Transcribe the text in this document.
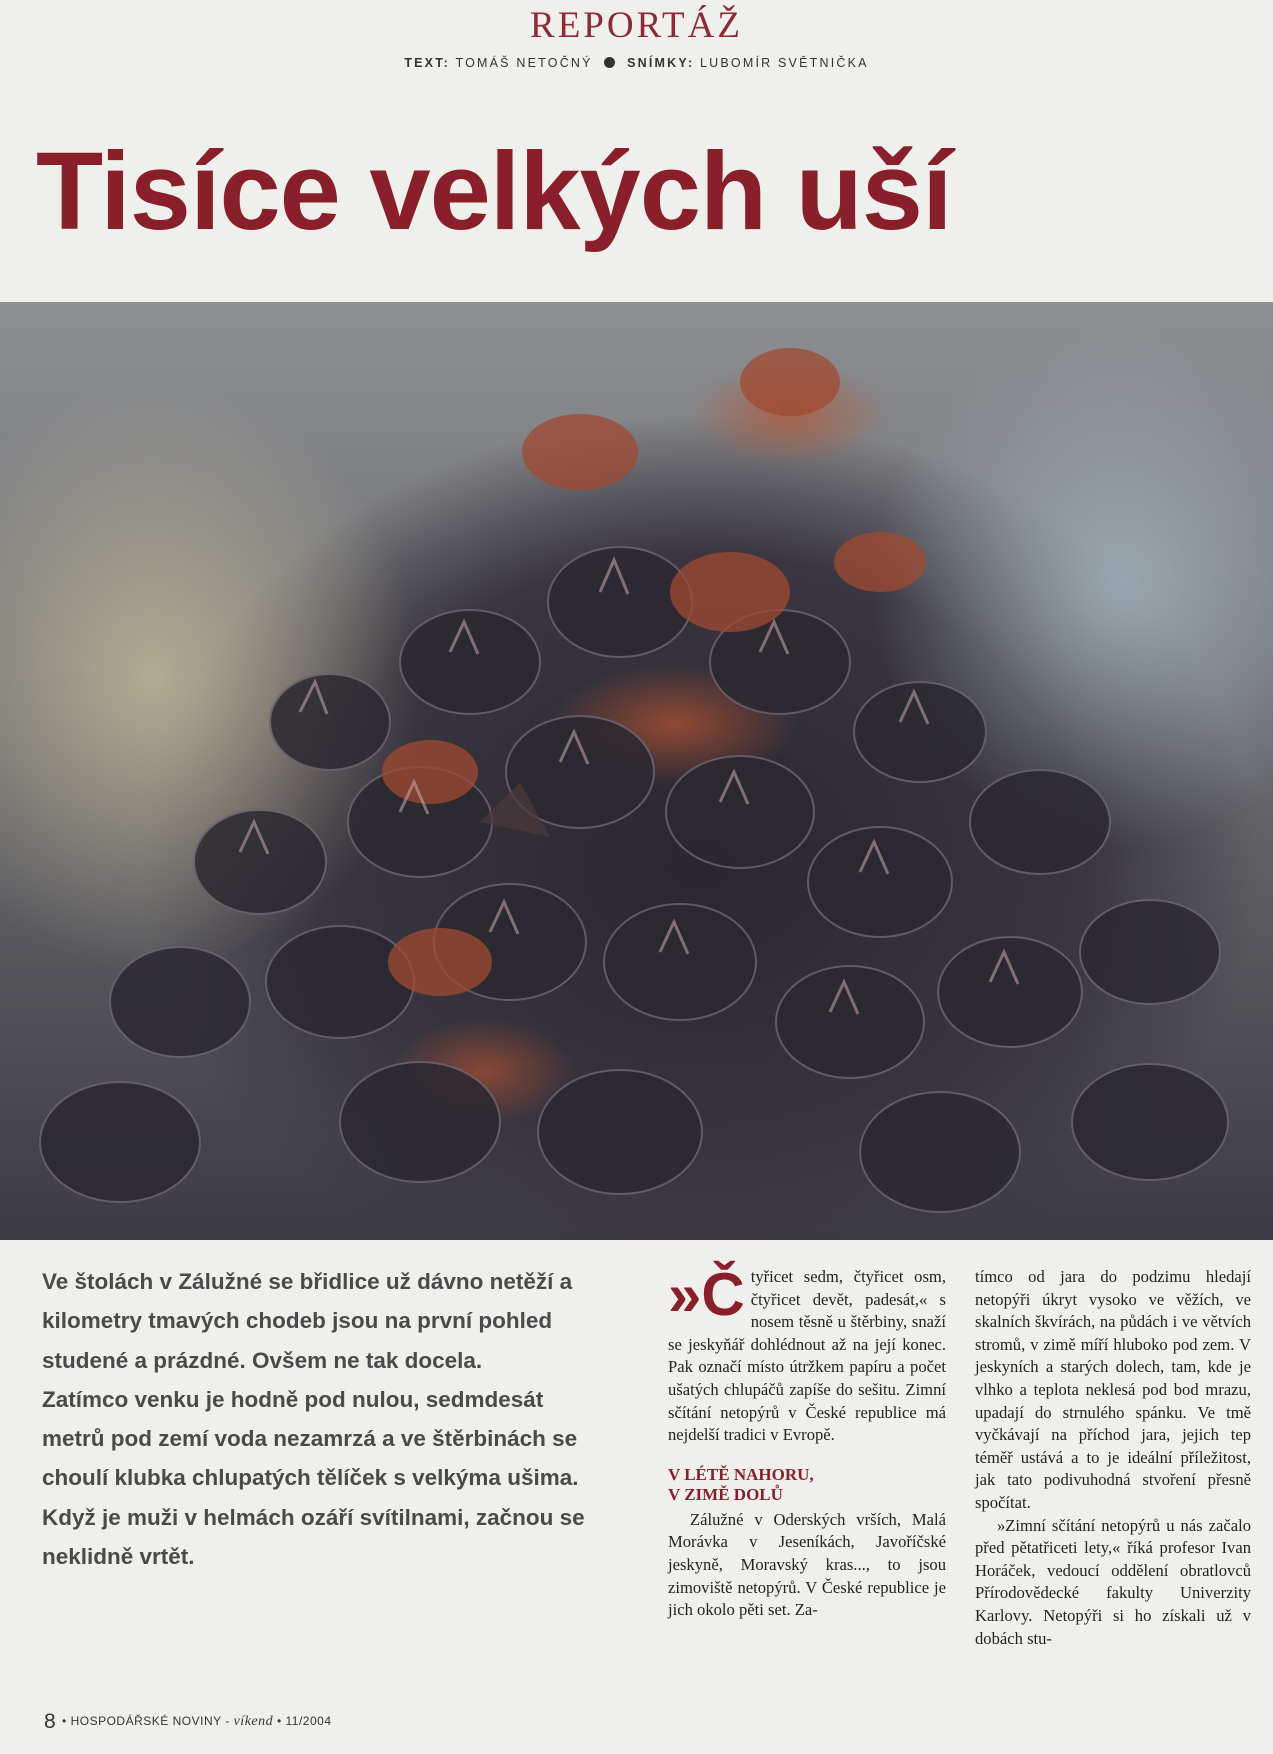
REPORTÁŽ
TEXT: TOMÁŠ NETOČNÝ	SNÍMKY: LUBOMÍR SVĚTNIČKA
Tisíce velkých uší

Ve štolách v Zálužné se břidlice už dávno netěží a kilometry tmavých chodeb jsou na první pohled studené a prázdné. Ovšem ne tak docela.

Zatímco venku je hodně pod nulou, sedmdesát metrů pod zemí voda nezamrzá a ve štěrbinách se choulí klubka chlupatých tělíček s velkýma ušima. Když je muži v helmách ozáří svítilnami, začnou se neklidně vrtět.

»Č tyřicet sedm, čtyřicet osm, čtyřicet devět, padesát,« s nosem těsně u štěrbiny, snaží se jeskyňář dohlédnout až na její konec. Pak označí místo útržkem papíru a počet ušatých chlupáčů zapíše do sešitu. Zimní sčítání netopýrů v České republice má nejdelší tradici v Evropě.

V LÉTĚ NAHORU,
V ZIMĚ DOLŮ

Zálužné v Oderských vrších, Malá Morávka v Jeseníkách, Javoříčské jeskyně, Moravský kras..., to jsou zimoviště netopýrů. V České republice je jich okolo pěti set. Za-

tímco od jara do podzimu hledají netopýři úkryt vysoko ve věžích, ve skalních škvírách, na půdách i ve větvích stromů, v zimě míří hluboko pod zem. V jeskyních a starých dolech, tam, kde je vlhko a teplota neklesá pod bod mrazu, upadají do strnulého spánku. Ve tmě vyčkávají na příchod jara, jejich tep téměř ustává a to je ideální příležitost, jak tato podivuhodná stvoření přesně spočítat.

»Zimní sčítání netopýrů u nás začalo před pětatřiceti lety,« říká profesor Ivan Horáček, vedoucí oddělení obratlovců Přírodovědecké fakulty Univerzity Karlovy. Netopýři si ho získali už v dobách stu-

8 • HOSPODÁŘSKÉ NOVINY - víkend • 11/2004
